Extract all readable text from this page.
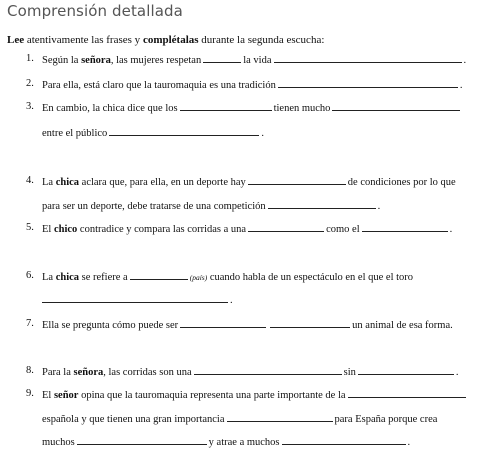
Comprensión detallada
Lee atentivamente las frases y complétalas durante la segunda escucha:
1. Según la señora, las mujeres respetan	la vida	.
2. Para ella, está claro que la tauromaquia es una tradición	.
3. En cambio, la chica dice que los	tienen mucho
entre el público	.
4. La chica aclara que, para ella, en un deporte hay	de condiciones por lo que
para ser un deporte, debe tratarse de una competición	.
5. El chico contradice y compara las corridas a una	como el	.
6. La chica se refiere a	(país) cuando habla de un espectáculo en el que el toro
.
7. Ella se pregunta cómo puede ser	un animal de esa forma.
8. Para la señora, las corridas son una	sin	.
9. El señor opina que la tauromaquia representa una parte importante de la
española y que tienen una gran importancia	para España porque crea
muchos	y atrae a muchos	.
